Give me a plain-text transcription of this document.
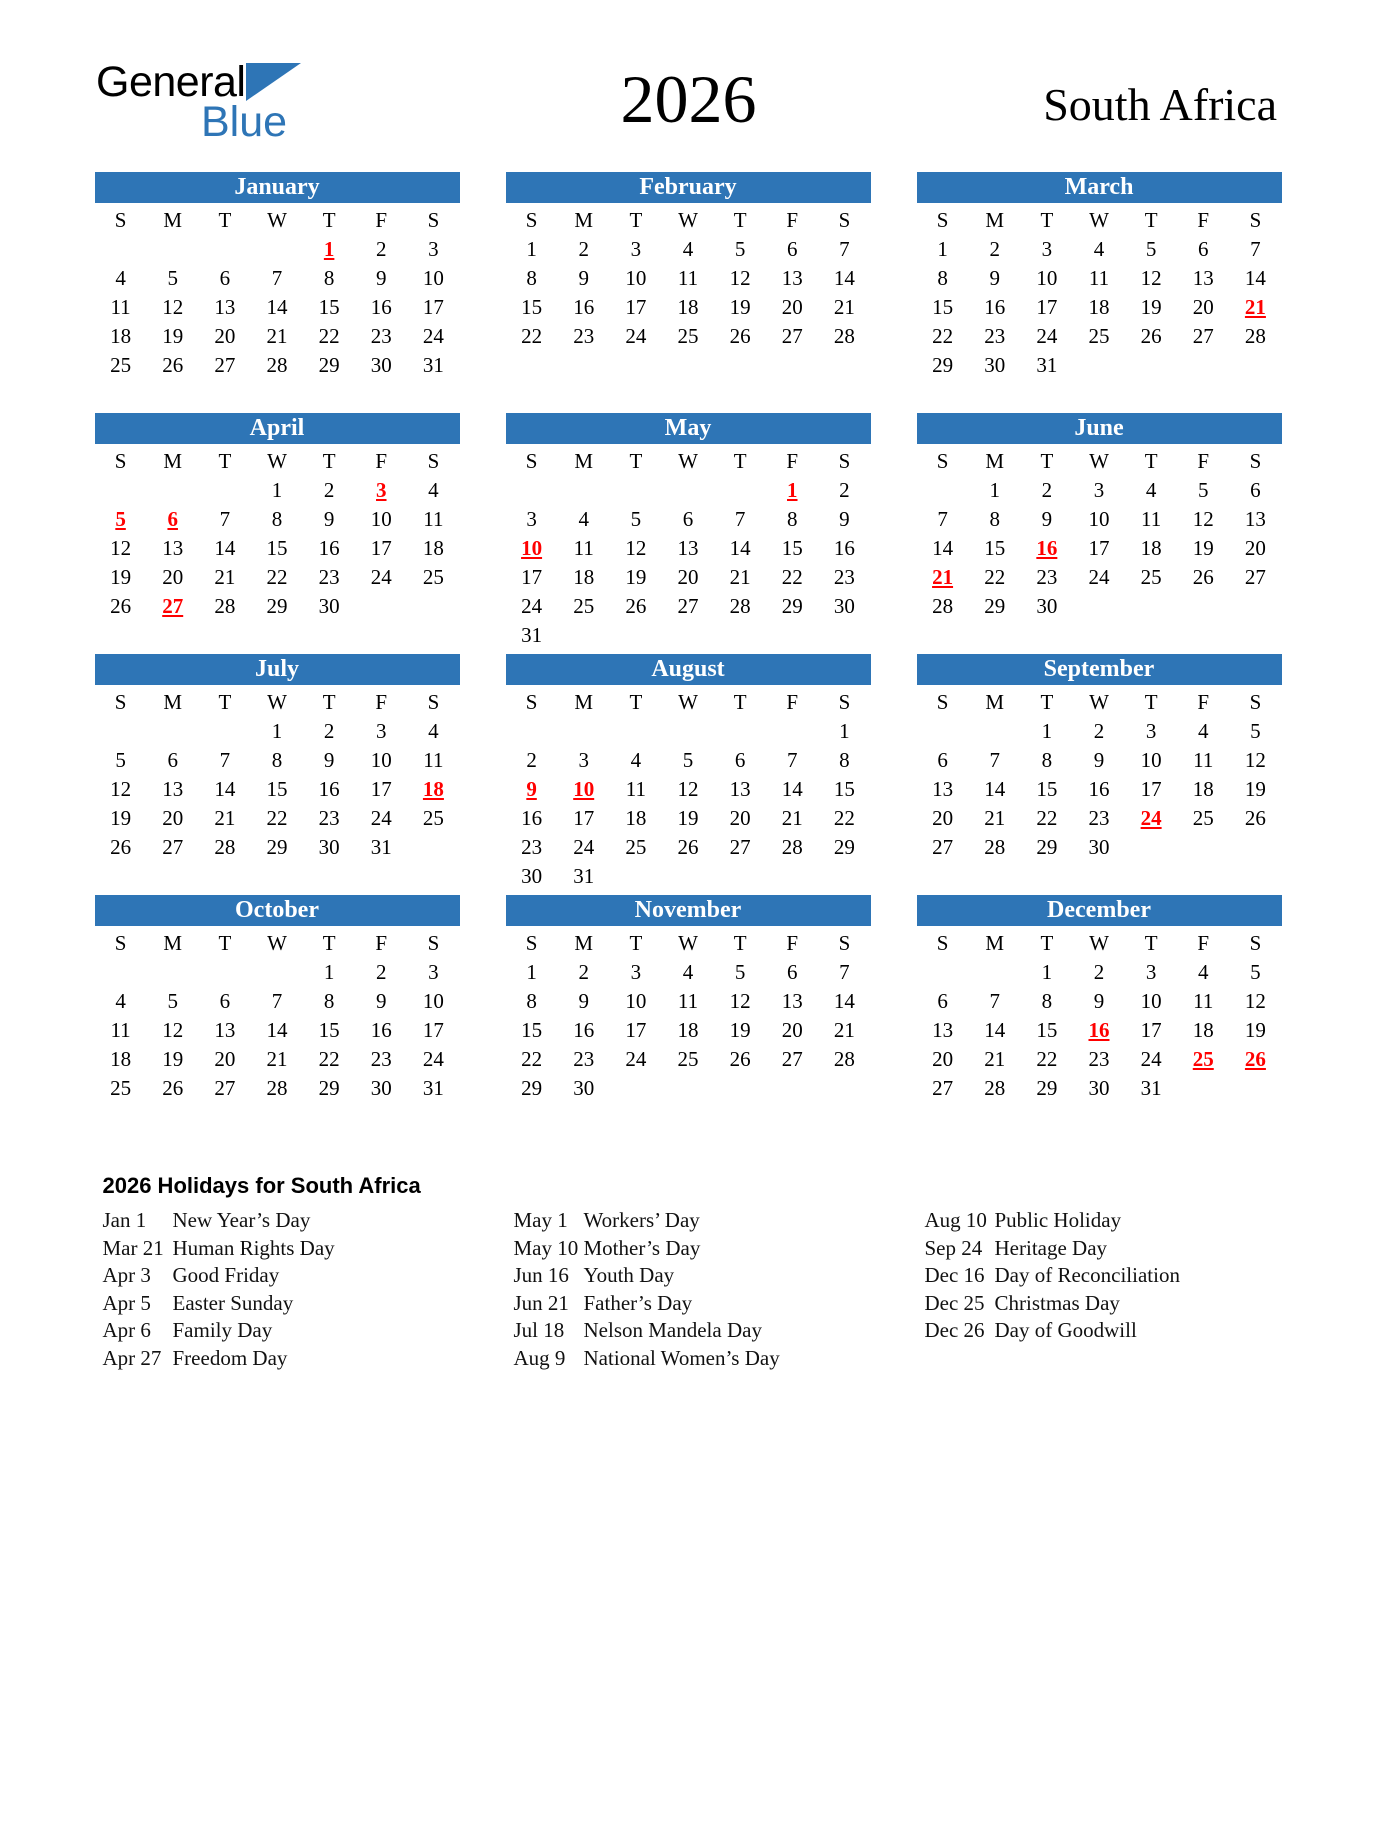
General
Blue	2026	South Africa
January
S	M	T	W	T	F	S
				1	2	3
4	5	6	7	8	9	10
11	12	13	14	15	16	17
18	19	20	21	22	23	24
25	26	27	28	29	30	31

February
S	M	T	W	T	F	S
1	2	3	4	5	6	7
8	9	10	11	12	13	14
15	16	17	18	19	20	21
22	23	24	25	26	27	28

March
S	M	T	W	T	F	S
1	2	3	4	5	6	7
8	9	10	11	12	13	14
15	16	17	18	19	20	21
22	23	24	25	26	27	28
29	30	31				

April
S	M	T	W	T	F	S
			1	2	3	4
5	6	7	8	9	10	11
12	13	14	15	16	17	18
19	20	21	22	23	24	25
26	27	28	29	30		

May
S	M	T	W	T	F	S
					1	2
3	4	5	6	7	8	9
10	11	12	13	14	15	16
17	18	19	20	21	22	23
24	25	26	27	28	29	30
31						
June
S	M	T	W	T	F	S
	1	2	3	4	5	6
7	8	9	10	11	12	13
14	15	16	17	18	19	20
21	22	23	24	25	26	27
28	29	30				

July
S	M	T	W	T	F	S
			1	2	3	4
5	6	7	8	9	10	11
12	13	14	15	16	17	18
19	20	21	22	23	24	25
26	27	28	29	30	31	

August
S	M	T	W	T	F	S
						1
2	3	4	5	6	7	8
9	10	11	12	13	14	15
16	17	18	19	20	21	22
23	24	25	26	27	28	29
30	31					
September
S	M	T	W	T	F	S
		1	2	3	4	5
6	7	8	9	10	11	12
13	14	15	16	17	18	19
20	21	22	23	24	25	26
27	28	29	30			

October
S	M	T	W	T	F	S
				1	2	3
4	5	6	7	8	9	10
11	12	13	14	15	16	17
18	19	20	21	22	23	24
25	26	27	28	29	30	31

November
S	M	T	W	T	F	S
1	2	3	4	5	6	7
8	9	10	11	12	13	14
15	16	17	18	19	20	21
22	23	24	25	26	27	28
29	30					

December
S	M	T	W	T	F	S
		1	2	3	4	5
6	7	8	9	10	11	12
13	14	15	16	17	18	19
20	21	22	23	24	25	26
27	28	29	30	31		

2026 Holidays for South Africa
Jan 1	New Year’s Day
Mar 21 Human Rights Day
Apr 3	Good Friday
Apr 5	Easter Sunday
Apr 6	Family Day
Apr 27 Freedom Day
May 1 Workers’ Day
May 10 Mother’s Day
Jun 16 Youth Day
Jun 21 Father’s Day
Jul 18 Nelson Mandela Day
Aug 9 National Women’s Day
Aug 10 Public Holiday
Sep 24 Heritage Day
Dec 16 Day of Reconciliation
Dec 25 Christmas Day
Dec 26 Day of Goodwill
